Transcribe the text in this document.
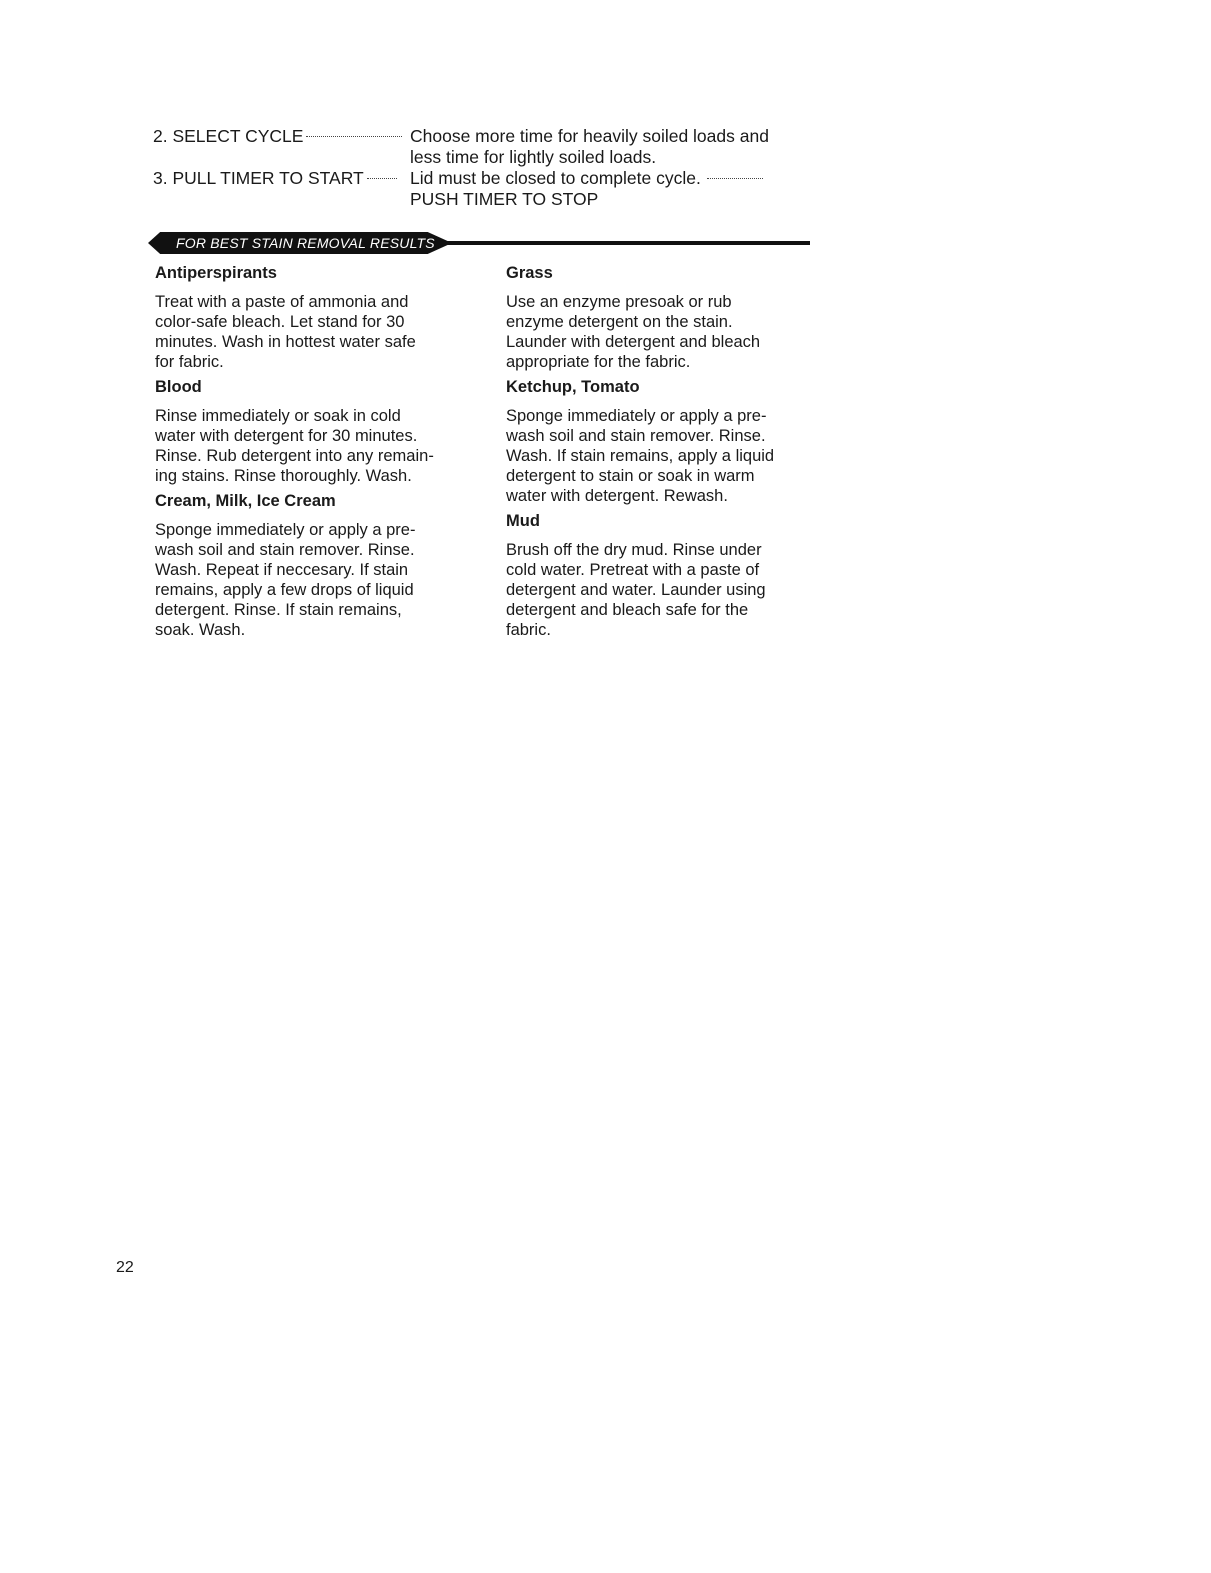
2. SELECT CYCLE	Choose more time for heavily soiled loads and
less time for lightly soiled loads.
3. PULL TIMER TO START	Lid must be closed to complete cycle.
PUSH TIMER TO STOP
FOR BEST STAIN REMOVAL RESULTS
Antiperspirants
Treat with a paste of ammonia and
color-safe bleach. Let stand for 30
minutes. Wash in hottest water safe
for fabric.
Blood
Rinse immediately or soak in cold
water with detergent for 30 minutes.
Rinse. Rub detergent into any remain-
ing stains. Rinse thoroughly. Wash.
Cream, Milk, Ice Cream
Sponge immediately or apply a pre-
wash soil and stain remover. Rinse.
Wash. Repeat if neccesary. If stain
remains, apply a few drops of liquid
detergent. Rinse. If stain remains,
soak. Wash.
Grass
Use an enzyme presoak or rub
enzyme detergent on the stain.
Launder with detergent and bleach
appropriate for the fabric.
Ketchup, Tomato
Sponge immediately or apply a pre-
wash soil and stain remover. Rinse.
Wash. If stain remains, apply a liquid
detergent to stain or soak in warm
water with detergent. Rewash.
Mud
Brush off the dry mud. Rinse under
cold water. Pretreat with a paste of
detergent and water. Launder using
detergent and bleach safe for the
fabric.
22
